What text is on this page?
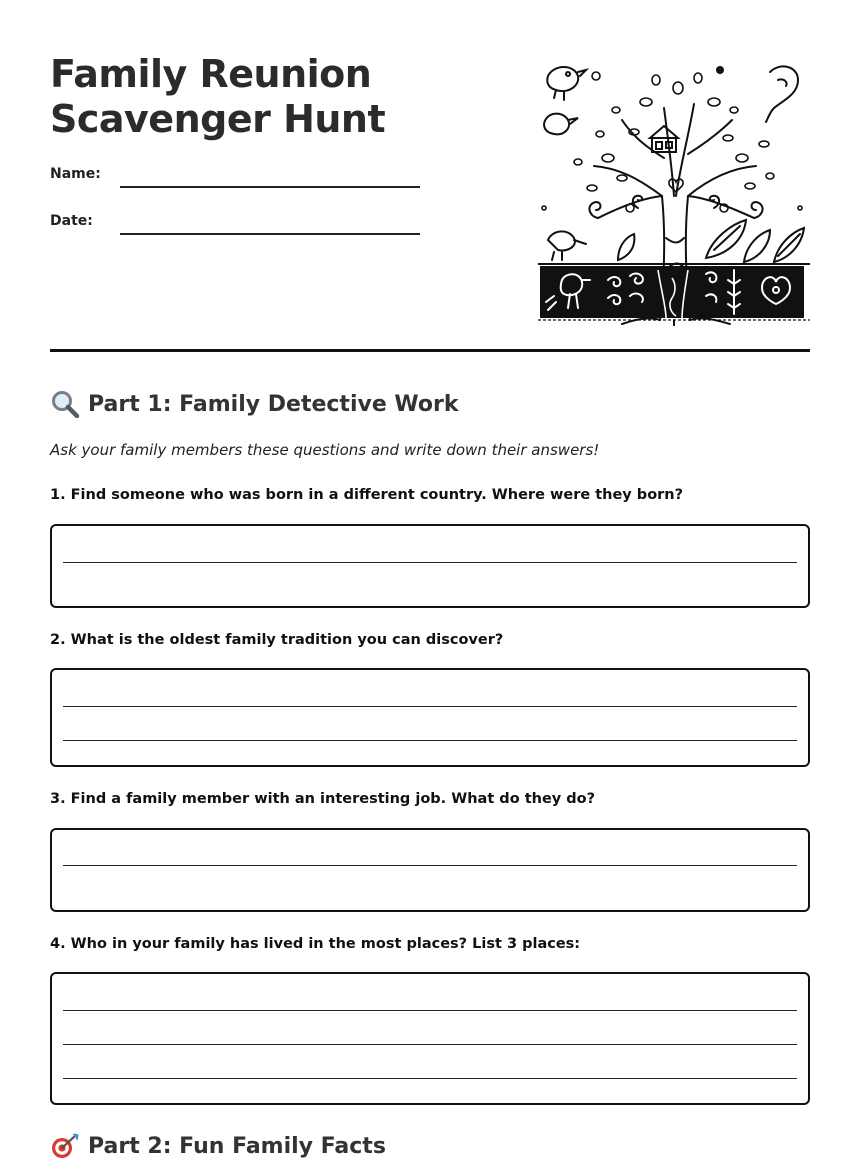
Family Reunion
Scavenger Hunt
Name:
Date:
Part 1: Family Detective Work
Ask your family members these questions and write down their answers!
1. Find someone who was born in a different country. Where were they born?
2. What is the oldest family tradition you can discover?
3. Find a family member with an interesting job. What do they do?
4. Who in your family has lived in the most places? List 3 places:
Part 2: Fun Family Facts
